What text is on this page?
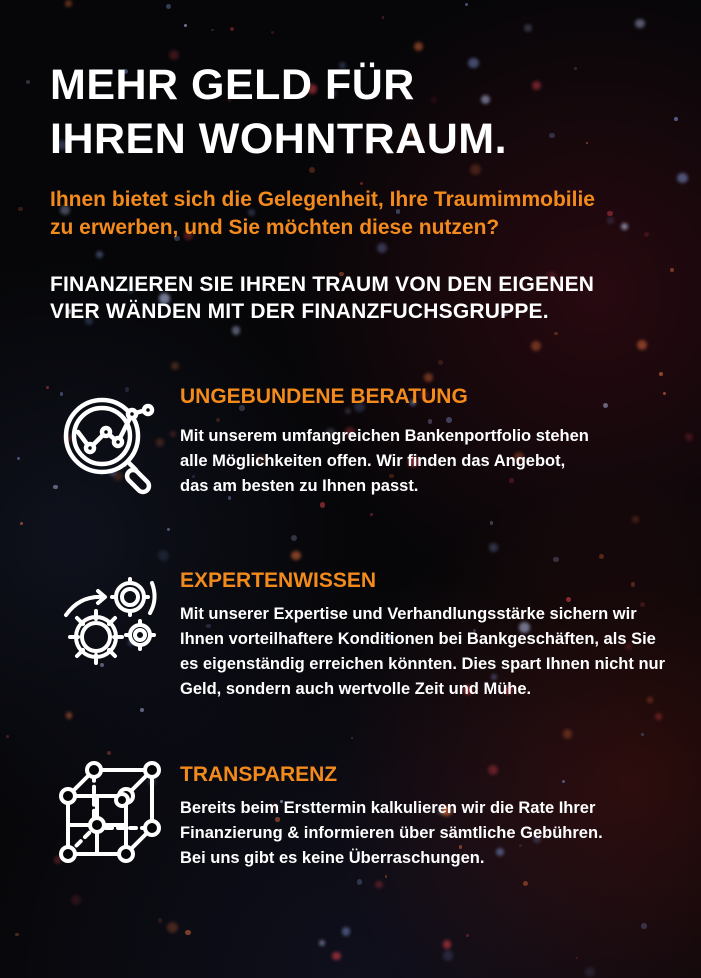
MEHR GELD FÜR
IHREN WOHNTRAUM.

Ihnen bietet sich die Gelegenheit, Ihre Traumimmobilie
zu erwerben, und Sie möchten diese nutzen?

FINANZIEREN SIE IHREN TRAUM VON DEN EIGENEN
VIER WÄNDEN MIT DER FINANZFUCHSGRUPPE.

UNGEBUNDENE BERATUNG

Mit unserem umfangreichen Bankenportfolio stehen
alle Möglichkeiten offen. Wir finden das Angebot,
das am besten zu Ihnen passt.

EXPERTENWISSEN

Mit unserer Expertise und Verhandlungsstärke sichern wir
Ihnen vorteilhaftere Konditionen bei Bankgeschäften, als Sie
es eigenständig erreichen könnten. Dies spart Ihnen nicht nur
Geld, sondern auch wertvolle Zeit und Mühe.

TRANSPARENZ

Bereits beim Ersttermin kalkulieren wir die Rate Ihrer
Finanzierung & informieren über sämtliche Gebühren.
Bei uns gibt es keine Überraschungen.
